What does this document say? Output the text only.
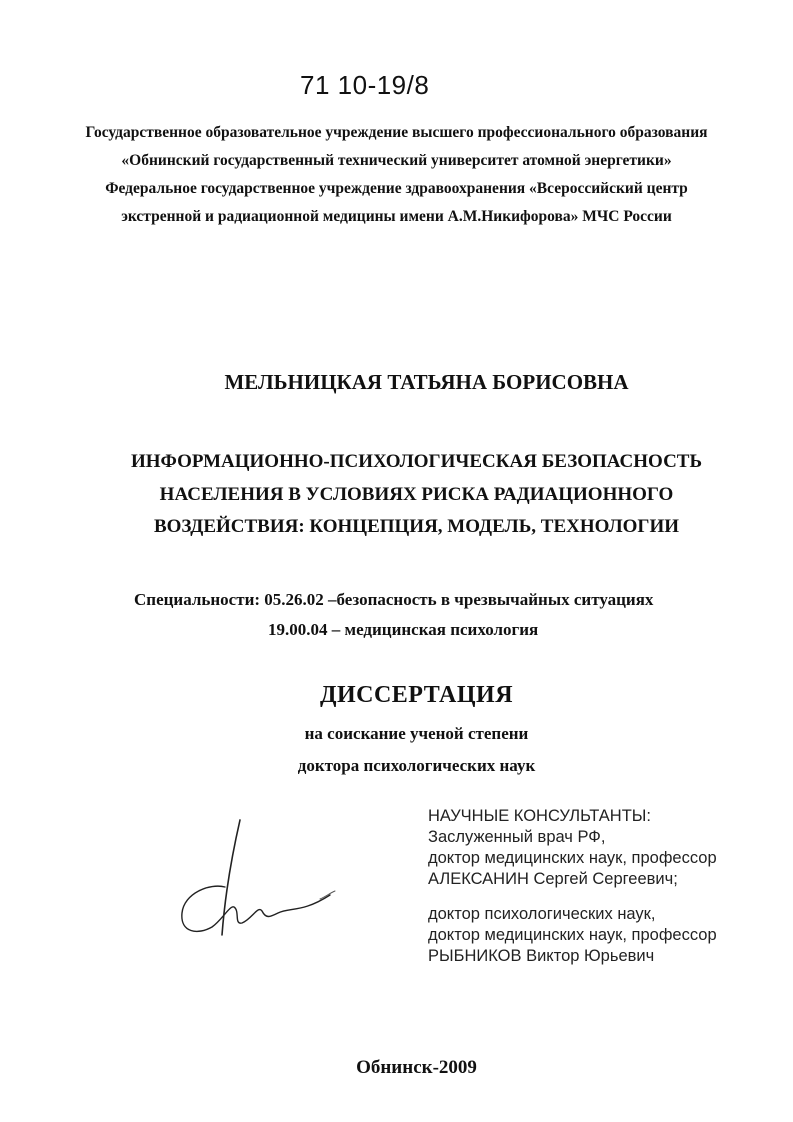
71 10-19/8
Государственное образовательное учреждение высшего профессионального образования
«Обнинский государственный технический университет атомной энергетики»
Федеральное государственное учреждение здравоохранения «Всероссийский центр
экстренной и радиационной медицины имени А.М.Никифорова» МЧС России
МЕЛЬНИЦКАЯ ТАТЬЯНА БОРИСОВНА
ИНФОРМАЦИОННО-ПСИХОЛОГИЧЕСКАЯ БЕЗОПАСНОСТЬ
НАСЕЛЕНИЯ В УСЛОВИЯХ РИСКА РАДИАЦИОННОГО
ВОЗДЕЙСТВИЯ: КОНЦЕПЦИЯ, МОДЕЛЬ, ТЕХНОЛОГИИ
Специальности: 05.26.02 –безопасность в чрезвычайных ситуациях
19.00.04 – медицинская психология
ДИССЕРТАЦИЯ
на соискание ученой степени
доктора психологических наук
НАУЧНЫЕ КОНСУЛЬТАНТЫ:
Заслуженный врач РФ,
доктор медицинских наук, профессор
АЛЕКСАНИН Сергей Сергеевич;
доктор психологических наук,
доктор медицинских наук, профессор
РЫБНИКОВ Виктор Юрьевич
Обнинск-2009
